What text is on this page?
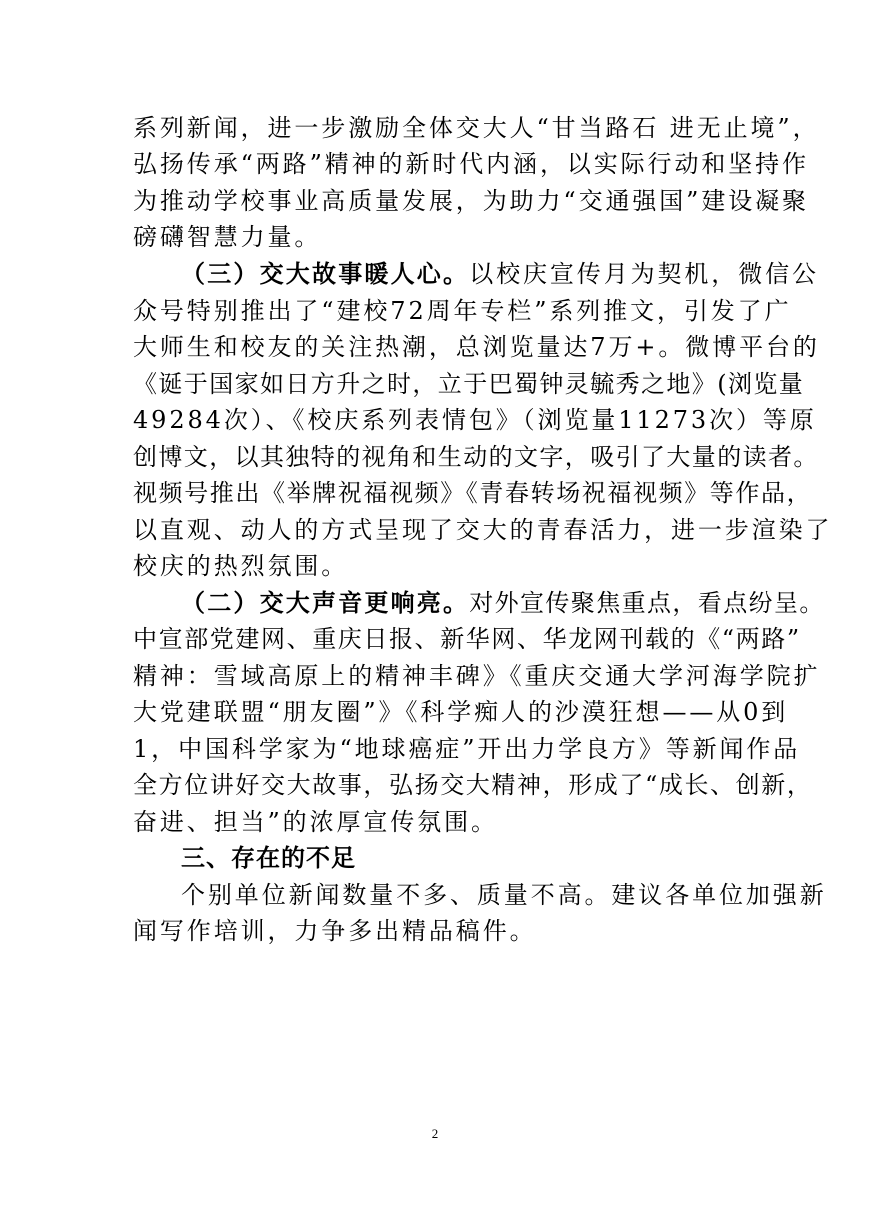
系列新闻，进一步激励全体交大人“甘当路石 进无止境”，
弘扬传承“两路”精神的新时代内涵，以实际行动和坚持作
为推动学校事业高质量发展，为助力“交通强国”建设凝聚
磅礴智慧力量。
（三）交大故事暖人心。以校庆宣传月为契机，微信公
众号特别推出了“建校72周年专栏”系列推文，引发了广
大师生和校友的关注热潮，总浏览量达7万+。微博平台的
《诞于国家如日方升之时，立于巴蜀钟灵毓秀之地》(浏览量
49284次）、《校庆系列表情包》（浏览量11273次）等原
创博文，以其独特的视角和生动的文字，吸引了大量的读者。
视频号推出《举牌祝福视频》《青春转场祝福视频》等作品，
以直观、动人的方式呈现了交大的青春活力，进一步渲染了
校庆的热烈氛围。
（二）交大声音更响亮。对外宣传聚焦重点，看点纷呈。
中宣部党建网、重庆日报、新华网、华龙网刊载的《“两路”
精神：雪域高原上的精神丰碑》《重庆交通大学河海学院扩
大党建联盟“朋友圈”》《科学痴人的沙漠狂想——从0到
1，中国科学家为“地球癌症”开出力学良方》等新闻作品
全方位讲好交大故事，弘扬交大精神，形成了“成长、创新，
奋进、担当”的浓厚宣传氛围。
三、存在的不足
个别单位新闻数量不多、质量不高。建议各单位加强新
闻写作培训，力争多出精品稿件。
2
